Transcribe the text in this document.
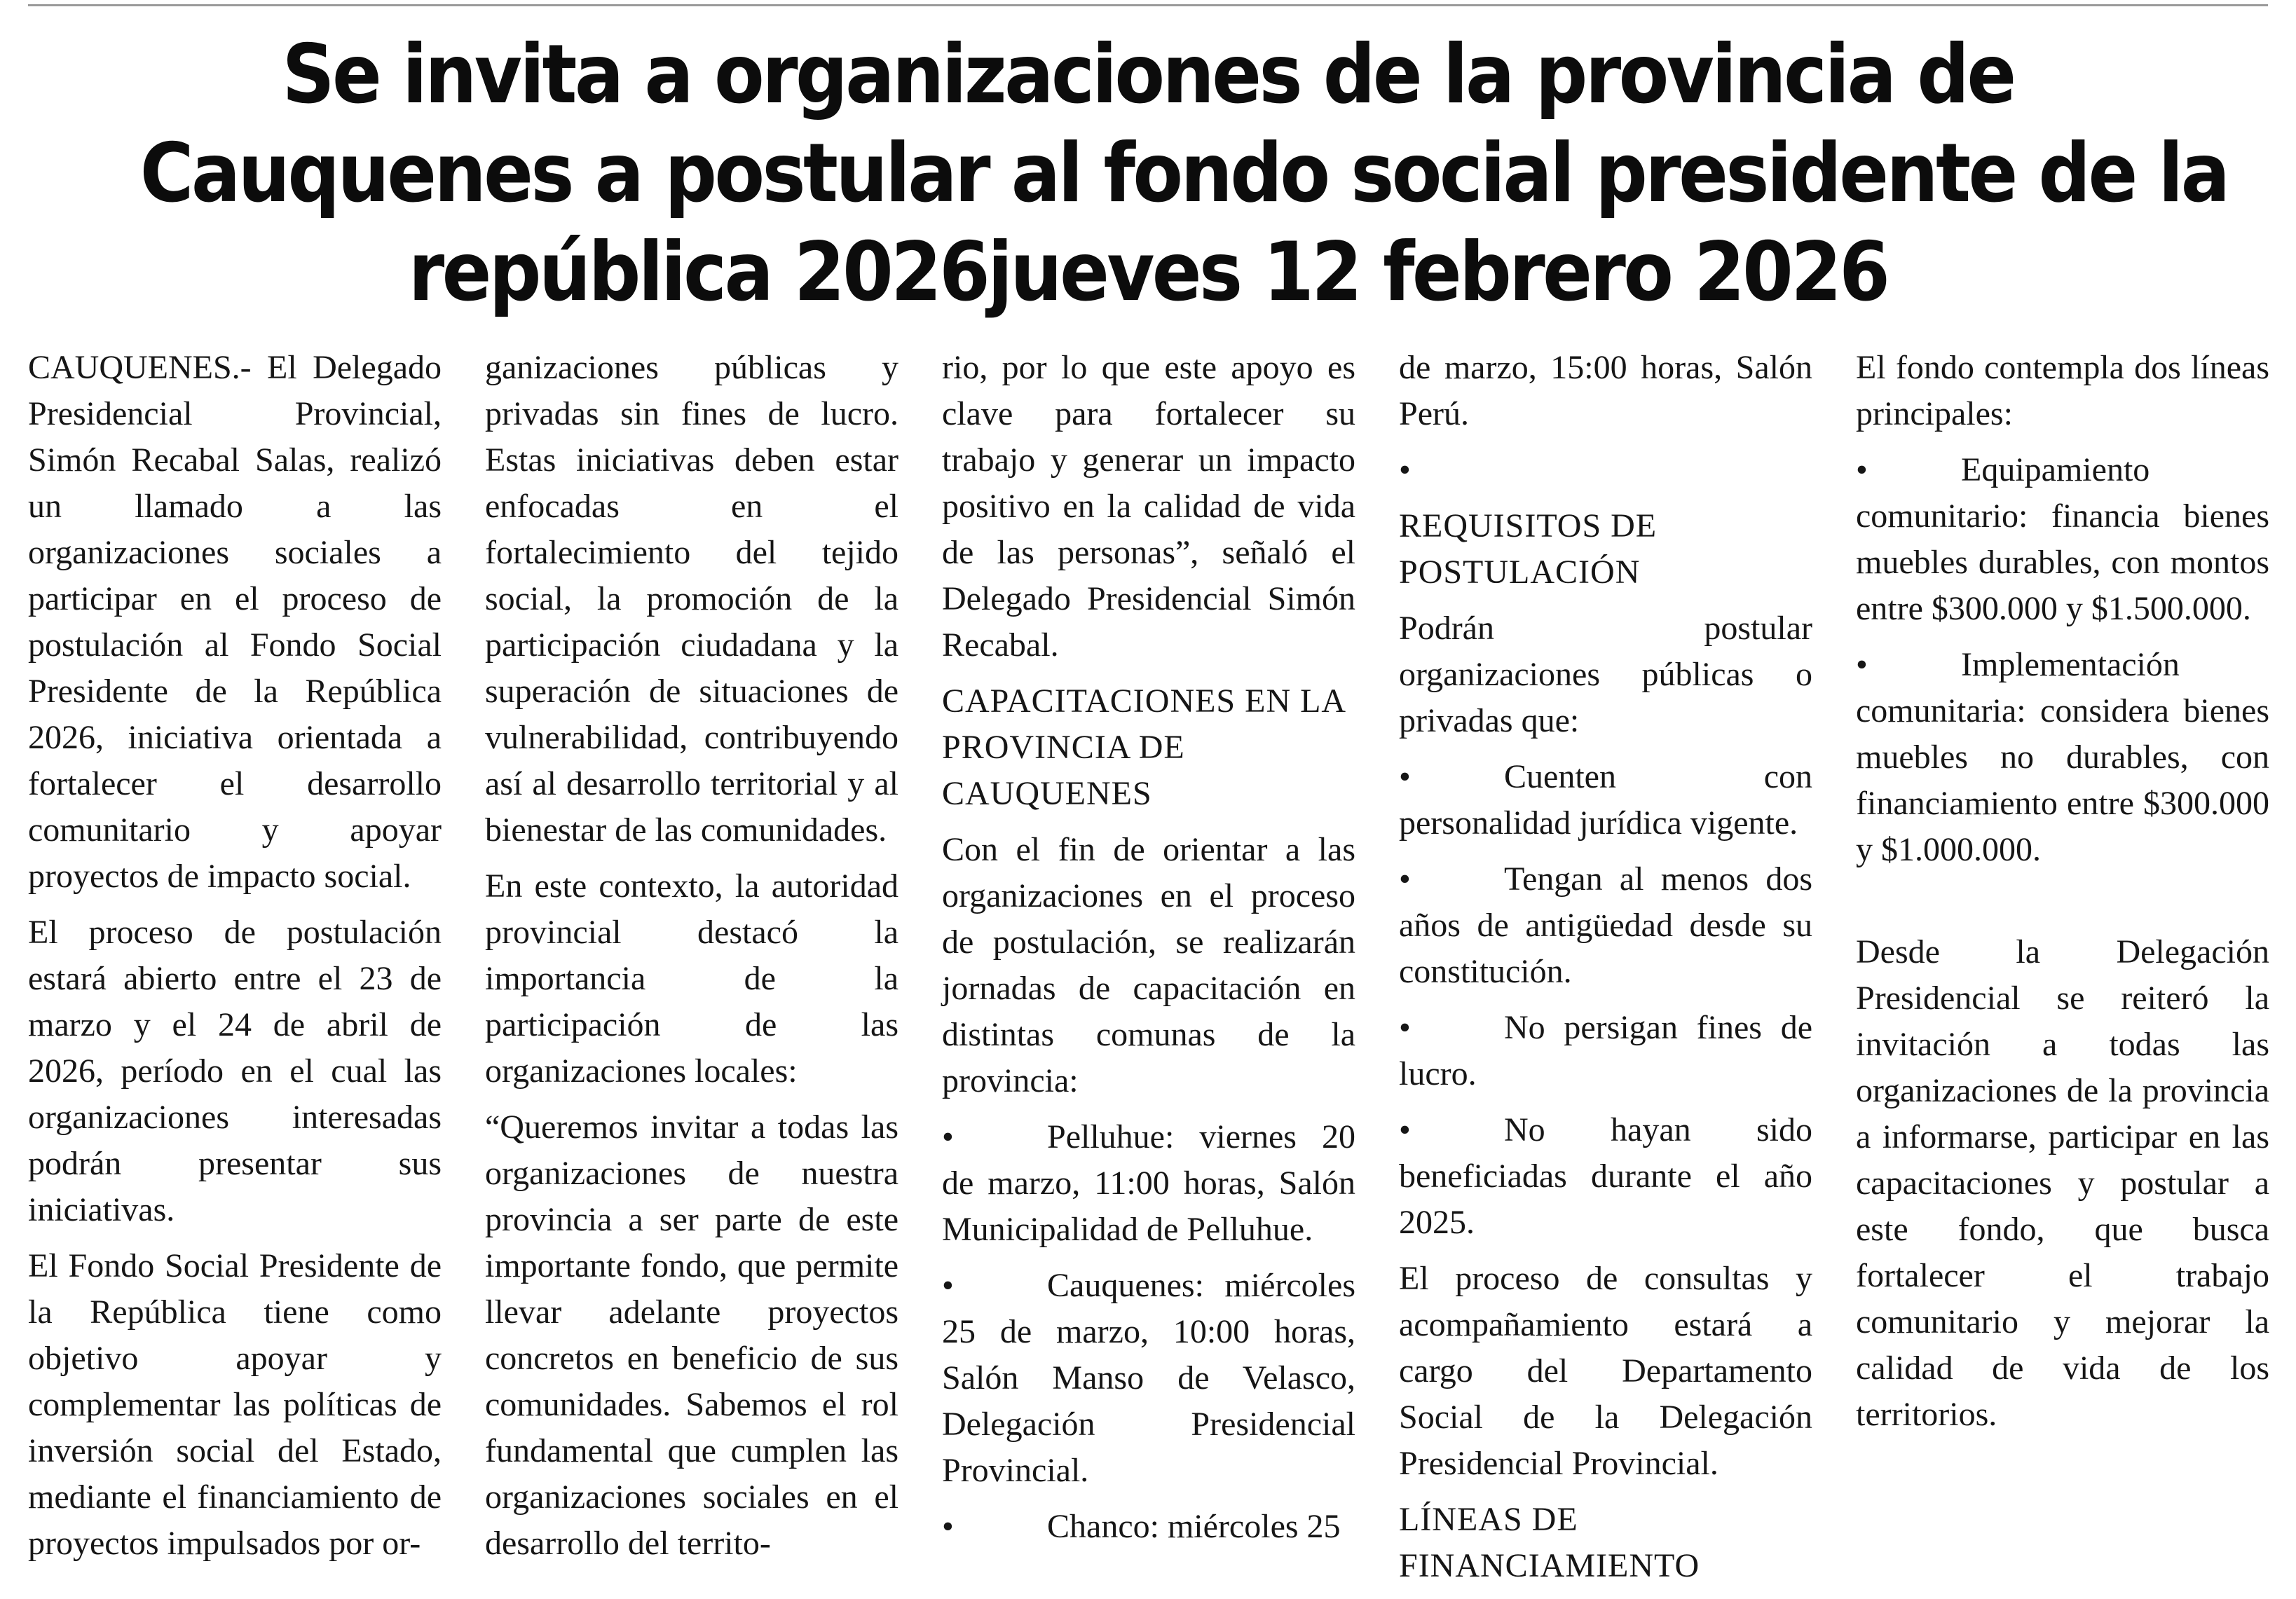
Se invita a organizaciones de la provincia de
Cauquenes a postular al fondo social presidente de la
república 2026jueves 12 febrero 2026

CAUQUENES.- El Delegado Presidencial Provincial, Simón Recabal Salas, realizó un llamado a las organizaciones sociales a participar en el proceso de postulación al Fondo Social Presidente de la República 2026, iniciativa orientada a fortalecer el desarrollo comunitario y apoyar proyectos de impacto social.

El proceso de postulación estará abierto entre el 23 de marzo y el 24 de abril de 2026, período en el cual las organizaciones interesadas podrán presentar sus iniciativas.

El Fondo Social Presidente de la República tiene como objetivo apoyar y complementar las políticas de inversión social del Estado, mediante el financiamiento de proyectos impulsados por or-

ganizaciones públicas y privadas sin fines de lucro. Estas iniciativas deben estar enfocadas en el fortalecimiento del tejido social, la promoción de la participación ciudadana y la superación de situaciones de vulnerabilidad, contribuyendo así al desarrollo territorial y al bienestar de las comunidades.

En este contexto, la autoridad provincial destacó la importancia de la participación de las organizaciones locales:

“Queremos invitar a todas las organizaciones de nuestra provincia a ser parte de este importante fondo, que permite llevar adelante proyectos concretos en beneficio de sus comunidades. Sabemos el rol fundamental que cumplen las organizaciones sociales en el desarrollo del territo-

rio, por lo que este apoyo es clave para fortalecer su trabajo y generar un impacto positivo en la calidad de vida de las personas”, señaló el Delegado Presidencial Simón Recabal.

CAPACITACIONES EN LA PROVINCIA DE CAUQUENES

Con el fin de orientar a las organizaciones en el proceso de postulación, se realizarán jornadas de capacitación en distintas comunas de la provincia:

•	Pelluhue: viernes 20 de marzo, 11:00 horas, Salón Municipalidad de Pelluhue.

•	Cauquenes: miércoles 25 de marzo, 10:00 horas, Salón Manso de Velasco, Delegación Presidencial Provincial.

•	Chanco: miércoles 25

de marzo, 15:00 horas, Salón Perú.

•

REQUISITOS DE POSTULACIÓN

Podrán postular organizaciones públicas o privadas que:

•	Cuenten con personalidad jurídica vigente.

•	Tengan al menos dos años de antigüedad desde su constitución.

•	No persigan fines de lucro.

•	No hayan sido beneficiadas durante el año 2025.

El proceso de consultas y acompañamiento estará a cargo del Departamento Social de la Delegación Presidencial Provincial.

LÍNEAS DE FINANCIAMIENTO

El fondo contempla dos líneas principales:

•	Equipamiento comunitario: financia bienes muebles durables, con montos entre $300.000 y $1.500.000.

•	Implementación comunitaria: considera bienes muebles no durables, con financiamiento entre $300.000 y $1.000.000.

Desde la Delegación Presidencial se reiteró la invitación a todas las organizaciones de la provincia a informarse, participar en las capacitaciones y postular a este fondo, que busca fortalecer el trabajo comunitario y mejorar la calidad de vida de los territorios.
